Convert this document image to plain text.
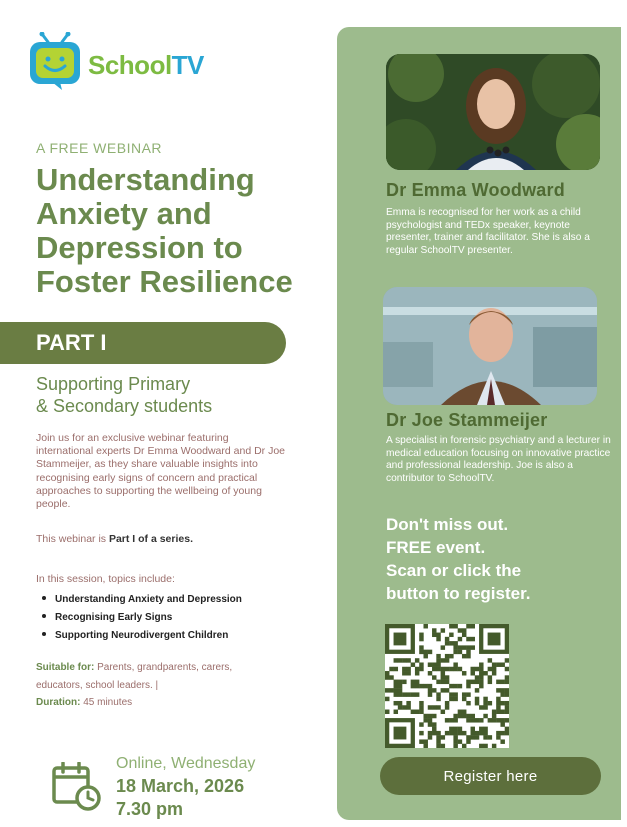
SchoolTV
A FREE WEBINAR
Understanding Anxiety and Depression to Foster Resilience
PART I
Supporting Primary
& Secondary students
Join us for an exclusive webinar featuring international experts Dr Emma Woodward and Dr Joe Stammeijer, as they share valuable insights into recognising early signs of concern and practical approaches to supporting the wellbeing of young people.
This webinar is Part I of a series.
In this session, topics include:
Understanding Anxiety and Depression
Recognising Early Signs
Supporting Neurodivergent Children
Suitable for: Parents, grandparents, carers, educators, school leaders. |
Duration: 45 minutes
Online, Wednesday
18 March, 2026
7.30 pm
Dr Emma Woodward
Emma is recognised for her work as a child psychologist and TEDx speaker, keynote presenter, trainer and facilitator. She is also a regular SchoolTV presenter.
Dr Joe Stammeijer
A specialist in forensic psychiatry and a lecturer in medical education focusing on innovative practice and professional leadership. Joe is also a contributor to SchoolTV.
Don't miss out.
FREE event.
Scan or click the
button to register.
Register here
